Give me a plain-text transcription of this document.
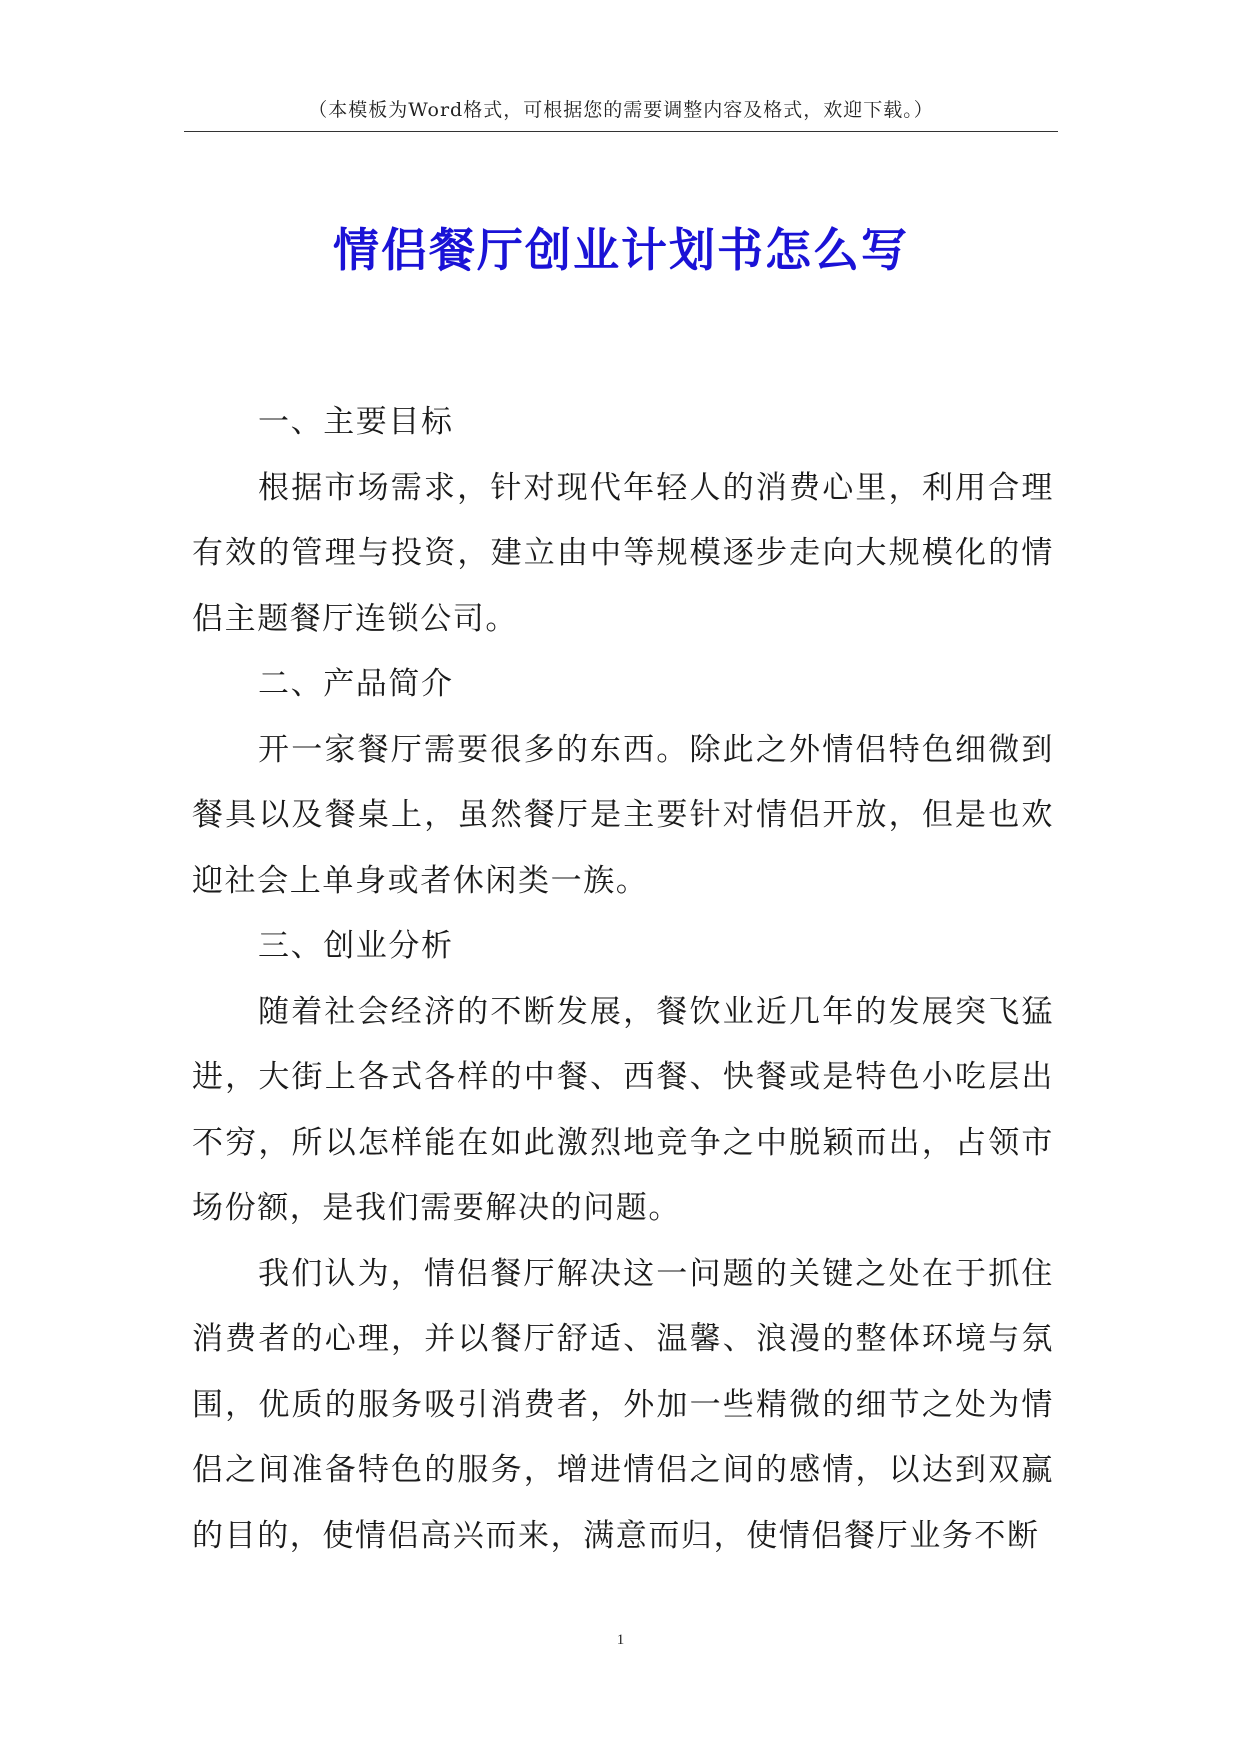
（本模板为Word格式，可根据您的需要调整内容及格式，欢迎下载。）
情侣餐厅创业计划书怎么写

一、主要目标

根据市场需求，针对现代年轻人的消费心里，利用合理有效的管理与投资，建立由中等规模逐步走向大规模化的情侣主题餐厅连锁公司。

二、产品简介

开一家餐厅需要很多的东西。除此之外情侣特色细微到餐具以及餐桌上，虽然餐厅是主要针对情侣开放，但是也欢迎社会上单身或者休闲类一族。

三、创业分析

随着社会经济的不断发展，餐饮业近几年的发展突飞猛进，大街上各式各样的中餐、西餐、快餐或是特色小吃层出不穷，所以怎样能在如此激烈地竞争之中脱颖而出，占领市场份额，是我们需要解决的问题。

我们认为，情侣餐厅解决这一问题的关键之处在于抓住消费者的心理，并以餐厅舒适、温馨、浪漫的整体环境与氛围，优质的服务吸引消费者，外加一些精微的细节之处为情侣之间准备特色的服务，增进情侣之间的感情，以达到双赢的目的，使情侣高兴而来，满意而归，使情侣餐厅业务不断

1
